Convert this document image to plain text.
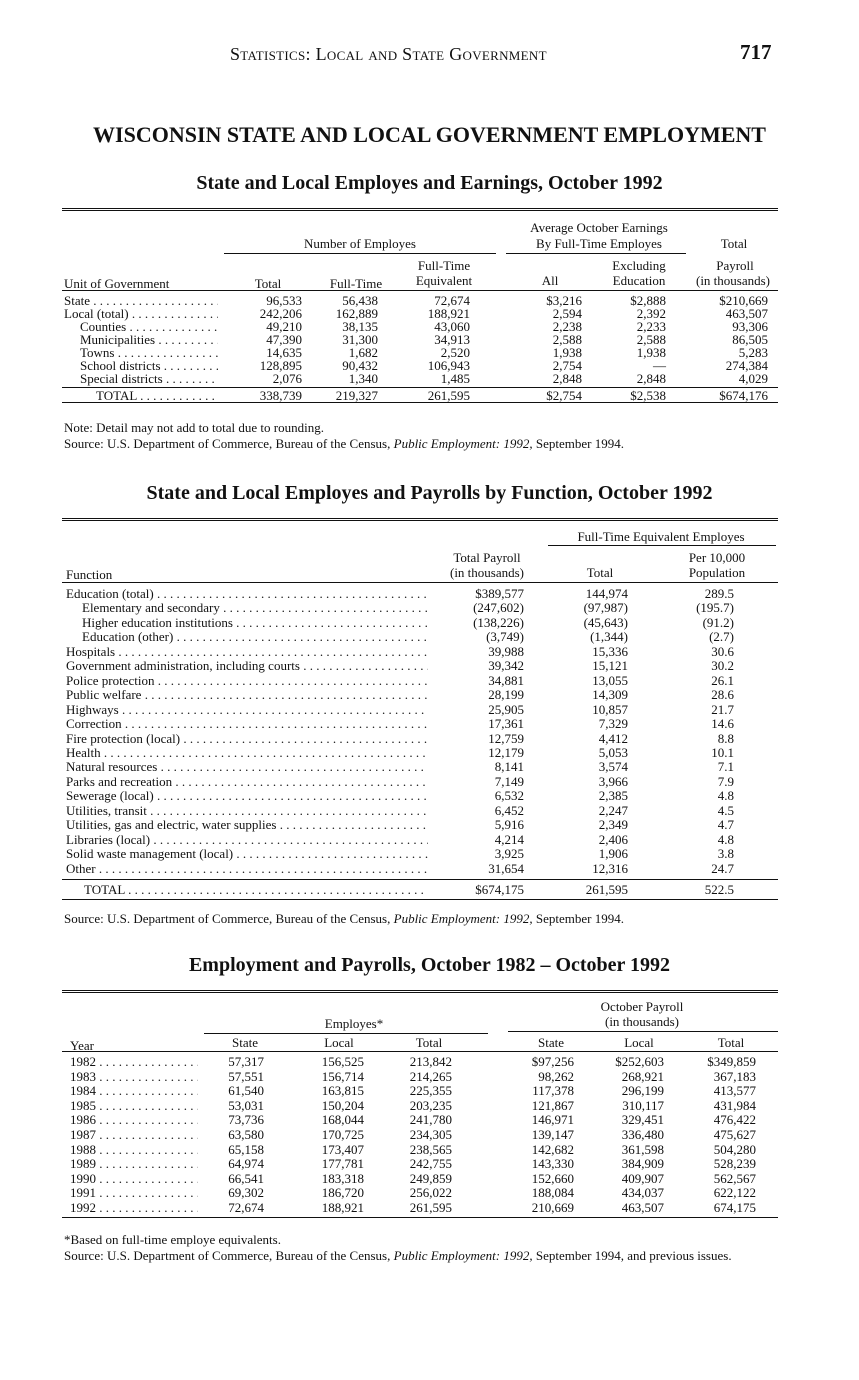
Statistics: Local and State Government	717
WISCONSIN STATE AND LOCAL GOVERNMENT EMPLOYMENT
State and Local Employes and Earnings, October 1992
Number of Employes
Average October Earnings
By Full-Time Employes	Total
Unit of Government	Total	Full-Time
Full-Time
Equivalent	All
Excluding
Education
Payroll
(in thousands)
State . . .	96,533	56,438	72,674	$3,216	$2,888	$210,669
Local (total) . . .	242,206	162,889	188,921	2,594	2,392	463,507
Counties . . .	49,210	38,135	43,060	2,238	2,233	93,306
Municipalities . . .	47,390	31,300	34,913	2,588	2,588	86,505
Towns . . .	14,635	1,682	2,520	1,938	1,938	5,283
School districts . . .	128,895	90,432	106,943	2,754	—	274,384
Special districts . . .	2,076	1,340	1,485	2,848	2,848	4,029
TOTAL . . .	338,739	219,327	261,595	$2,754	$2,538	$674,176
Note: Detail may not add to total due to rounding.
Source: U.S. Department of Commerce, Bureau of the Census, Public Employment: 1992, September 1994.
State and Local Employes and Payrolls by Function, October 1992
Full-Time Equivalent Employes
Total Payroll
(in thousands)	Total
Per 10,000
Population
Function
Education (total) . . .	$389,577	144,974	289.5
Elementary and secondary . . .	(247,602)	(97,987)	(195.7)
Higher education institutions . . .	(138,226)	(45,643)	(91.2)
Education (other) . . .	(3,749)	(1,344)	(2.7)
Hospitals . . .	39,988	15,336	30.6
Government administration, including courts . . .	39,342	15,121	30.2
Police protection . . .	34,881	13,055	26.1
Public welfare . . .	28,199	14,309	28.6
Highways . . .	25,905	10,857	21.7
Correction . . .	17,361	7,329	14.6
Fire protection (local) . . .	12,759	4,412	8.8
Health . . .	12,179	5,053	10.1
Natural resources . . .	8,141	3,574	7.1
Parks and recreation . . .	7,149	3,966	7.9
Sewerage (local) . . .	6,532	2,385	4.8
Utilities, transit . . .	6,452	2,247	4.5
Utilities, gas and electric, water supplies . . .	5,916	2,349	4.7
Libraries (local) . . .	4,214	2,406	4.8
Solid waste management (local) . . .	3,925	1,906	3.8
Other . . .	31,654	12,316	24.7
TOTAL . . .	$674,175	261,595	522.5
Source: U.S. Department of Commerce, Bureau of the Census, Public Employment: 1992, September 1994.
Employment and Payrolls, October 1982 – October 1992
October Payroll
(in thousands)
Employes*
Year	State	Local	Total	State	Local	Total
1982 . . .	57,317	156,525	213,842	$97,256	$252,603	$349,859
1983 . . .	57,551	156,714	214,265	98,262	268,921	367,183
1984 . . .	61,540	163,815	225,355	117,378	296,199	413,577
1985 . . .	53,031	150,204	203,235	121,867	310,117	431,984
1986 . . .	73,736	168,044	241,780	146,971	329,451	476,422
1987 . . .	63,580	170,725	234,305	139,147	336,480	475,627
1988 . . .	65,158	173,407	238,565	142,682	361,598	504,280
1989 . . .	64,974	177,781	242,755	143,330	384,909	528,239
1990 . . .	66,541	183,318	249,859	152,660	409,907	562,567
1991 . . .	69,302	186,720	256,022	188,084	434,037	622,122
1992 . . .	72,674	188,921	261,595	210,669	463,507	674,175
*Based on full-time employe equivalents.
Source: U.S. Department of Commerce, Bureau of the Census, Public Employment: 1992, September 1994, and previous issues.
